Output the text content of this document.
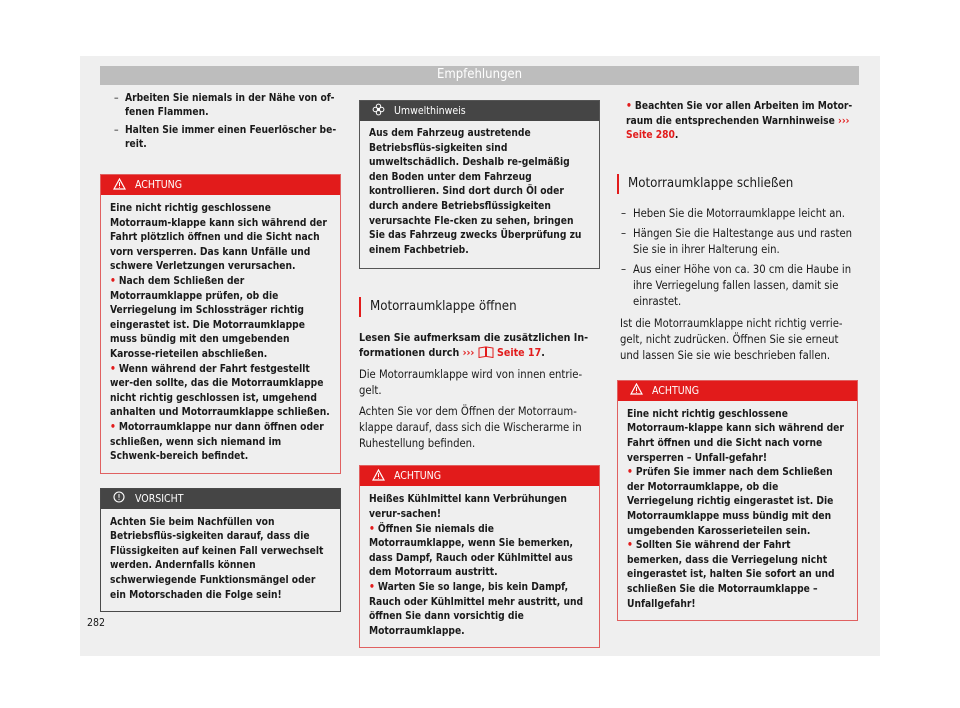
Empfehlungen
– Arbeiten Sie niemals in der Nähe von of-fenen Flammen.
– Halten Sie immer einen Feuerlöscher be-reit.
ACHTUNG

Eine nicht richtig geschlossene Motorraum-klappe kann sich während der Fahrt plötzlich öffnen und die Sicht nach vorn versperren. Das kann Unfälle und schwere Verletzungen verursachen.

• Nach dem Schließen der Motorraumklappe prüfen, ob die Verriegelung im Schlossträger richtig eingerastet ist. Die Motorraumklappe muss bündig mit den umgebenden Karosse-rieteilen abschließen.

• Wenn während der Fahrt festgestellt wer-den sollte, das die Motorraumklappe nicht richtig geschlossen ist, umgehend anhalten und Motorraumklappe schließen.

• Motorraumklappe nur dann öffnen oder schließen, wenn sich niemand im Schwenk-bereich befindet.

VORSICHT

Achten Sie beim Nachfüllen von Betriebsflüs-sigkeiten darauf, dass die Flüssigkeiten auf keinen Fall verwechselt werden. Andernfalls können schwerwiegende Funktionsmängel oder ein Motorschaden die Folge sein!

Umwelthinweis

Aus dem Fahrzeug austretende Betriebsflüs-sigkeiten sind umweltschädlich. Deshalb re-gelmäßig den Boden unter dem Fahrzeug kontrollieren. Sind dort durch Öl oder durch andere Betriebsflüssigkeiten verursachte Fle-cken zu sehen, bringen Sie das Fahrzeug zwecks Überprüfung zu einem Fachbetrieb.

Motorraumklappe öffnen

Lesen Sie aufmerksam die zusätzlichen In-formationen durch ››› Seite 17.

Die Motorraumklappe wird von innen entrie-gelt.

Achten Sie vor dem Öffnen der Motorraum-klappe darauf, dass sich die Wischerarme in Ruhestellung befinden.

ACHTUNG

Heißes Kühlmittel kann Verbrühungen verur-sachen!

• Öffnen Sie niemals die Motorraumklappe, wenn Sie bemerken, dass Dampf, Rauch oder Kühlmittel aus dem Motorraum austritt.

• Warten Sie so lange, bis kein Dampf, Rauch oder Kühlmittel mehr austritt, und öffnen Sie dann vorsichtig die Motorraumklappe.

• Beachten Sie vor allen Arbeiten im Motor-raum die entsprechenden Warnhinweise ››› Seite 280.

Motorraumklappe schließen
– Heben Sie die Motorraumklappe leicht an.
– Hängen Sie die Haltestange aus und rasten Sie sie in ihrer Halterung ein.
– Aus einer Höhe von ca. 30 cm die Haube in ihre Verriegelung fallen lassen, damit sie einrastet.

Ist die Motorraumklappe nicht richtig verrie-gelt, nicht zudrücken. Öffnen Sie sie erneut und lassen Sie sie wie beschrieben fallen.

ACHTUNG

Eine nicht richtig geschlossene Motorraum-klappe kann sich während der Fahrt öffnen und die Sicht nach vorne versperren – Unfall-gefahr!

• Prüfen Sie immer nach dem Schließen der Motorraumklappe, ob die Verriegelung richtig eingerastet ist. Die Motorraumklappe muss bündig mit den umgebenden Karosserieteilen sein.

• Sollten Sie während der Fahrt bemerken, dass die Verriegelung nicht eingerastet ist, halten Sie sofort an und schließen Sie die Motorraumklappe – Unfallgefahr!

282
